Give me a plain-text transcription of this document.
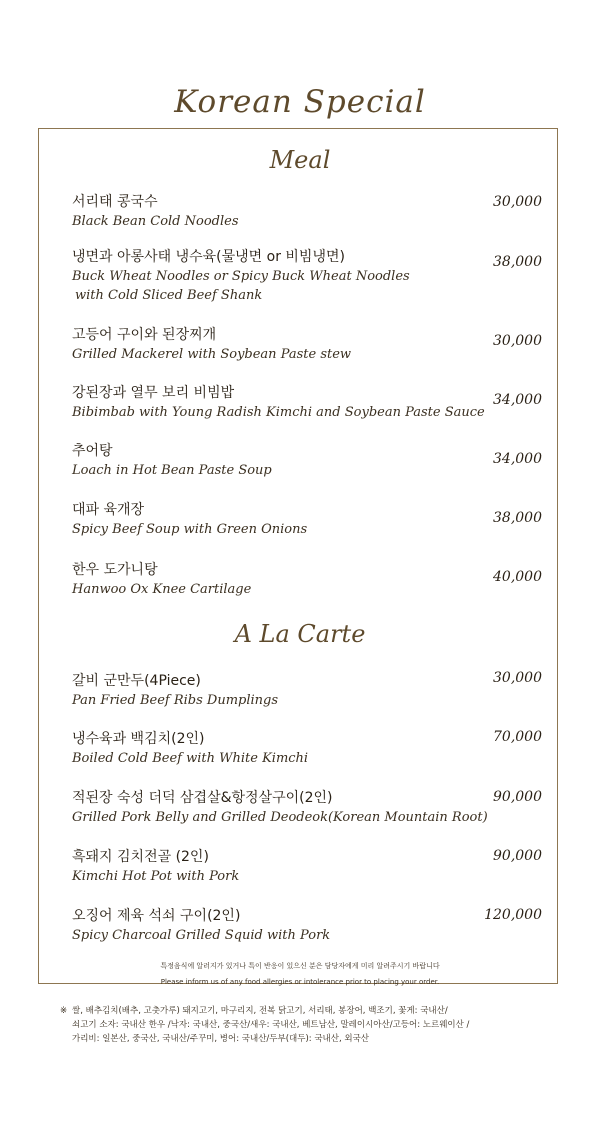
Korean Special
Meal
서리태 콩국수
Black Bean Cold Noodles
30,000
냉면과 아롱사태 냉수육(물냉면 or 비빔냉면)
Buck Wheat Noodles or Spicy Buck Wheat Noodles
with Cold Sliced Beef Shank
38,000
고등어 구이와 된장찌개
Grilled Mackerel with Soybean Paste stew
30,000
강된장과 열무 보리 비빔밥
Bibimbab with Young Radish Kimchi and Soybean Paste Sauce
34,000
추어탕
Loach in Hot Bean Paste Soup
34,000
대파 육개장
Spicy Beef Soup with Green Onions
38,000
한우 도가니탕
Hanwoo Ox Knee Cartilage
40,000
A La Carte
갈비 군만두(4Piece)
Pan Fried Beef Ribs Dumplings
30,000
냉수육과 백김치(2인)
Boiled Cold Beef with White Kimchi
70,000
적된장 숙성 더덕 삼겹살&항정살구이(2인)
Grilled Pork Belly and Grilled Deodeok(Korean Mountain Root)
90,000
흑돼지 김치전골 (2인)
Kimchi Hot Pot with Pork
90,000
오징어 제육 석쇠 구이(2인)
Spicy Charcoal Grilled Squid with Pork
120,000
특정음식에 알러지가 있거나 특이 반응이 있으신 분은 담당자에게 미리 알려주시기 바랍니다
Please inform us of any food allergies or intolerance prior to placing your order.
※ 쌀, 배추김치(배추, 고춧가루) 돼지고기, 마구리지, 전복 닭고기, 서리태, 봉장어, 백조기, 꽃게: 국내산/
쇠고기 소자: 국내산 한우 /낙자: 국내산, 중국산/새우: 국내산, 베트남산, 말레이시아산/고등어: 노르웨이산 /
가리비: 일본산, 중국산, 국내산/주꾸미, 병어: 국내산/두부(대두): 국내산, 외국산
